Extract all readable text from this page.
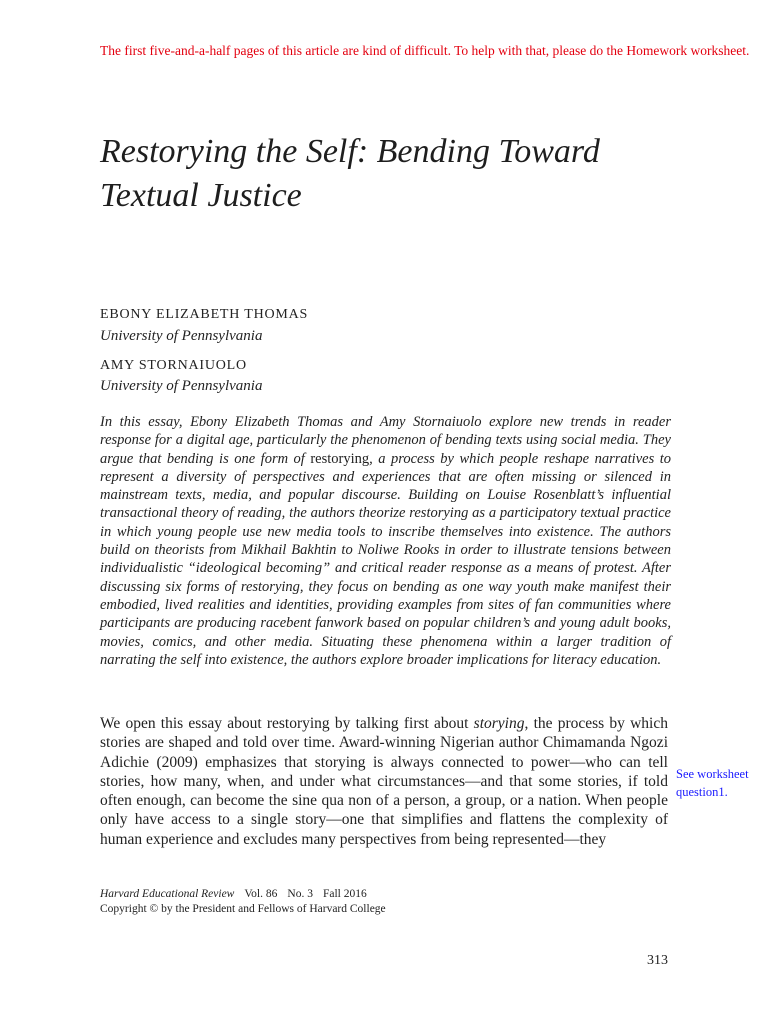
The first five-and-a-half pages of this article are kind of difficult. To help with that, please do the Homework worksheet.
Restorying the Self: Bending Toward
Textual Justice
EBONY ELIZABETH THOMAS
University of Pennsylvania
AMY STORNAIUOLO
University of Pennsylvania

In this essay, Ebony Elizabeth Thomas and Amy Stornaiuolo explore new trends in reader response for a digital age, particularly the phenomenon of bending texts using social media. They argue that bending is one form of restorying, a process by which people reshape narratives to represent a diversity of perspectives and experiences that are often missing or silenced in mainstream texts, media, and popular discourse. Building on Louise Rosenblatt’s influential transactional theory of reading, the authors theorize restorying as a participatory textual practice in which young people use new media tools to inscribe themselves into existence. The authors build on theorists from Mikhail Bakhtin to Noliwe Rooks in order to illustrate tensions between individualistic “ideological becoming” and critical reader response as a means of protest. After discussing six forms of restorying, they focus on bending as one way youth make manifest their embodied, lived realities and identities, providing examples from sites of fan communities where participants are producing racebent fanwork based on popular children’s and young adult books, movies, comics, and other media. Situating these phenomena within a larger tradition of narrating the self into existence, the authors explore broader implications for literacy education.

We open this essay about restorying by talking first about storying, the process by which stories are shaped and told over time. Award-winning Nigerian author Chimamanda Ngozi Adichie (2009) emphasizes that storying is always connected to power—who can tell stories, how many, when, and under what circumstances—and that some stories, if told often enough, can become the sine qua non of a person, a group, or a nation. When people only have access to a single story—one that simplifies and flattens the complexity of human experience and excludes many perspectives from being represented—they

See worksheet
question1.
Harvard Educational Review Vol. 86 No. 3 Fall 2016
Copyright © by the President and Fellows of Harvard College
313
